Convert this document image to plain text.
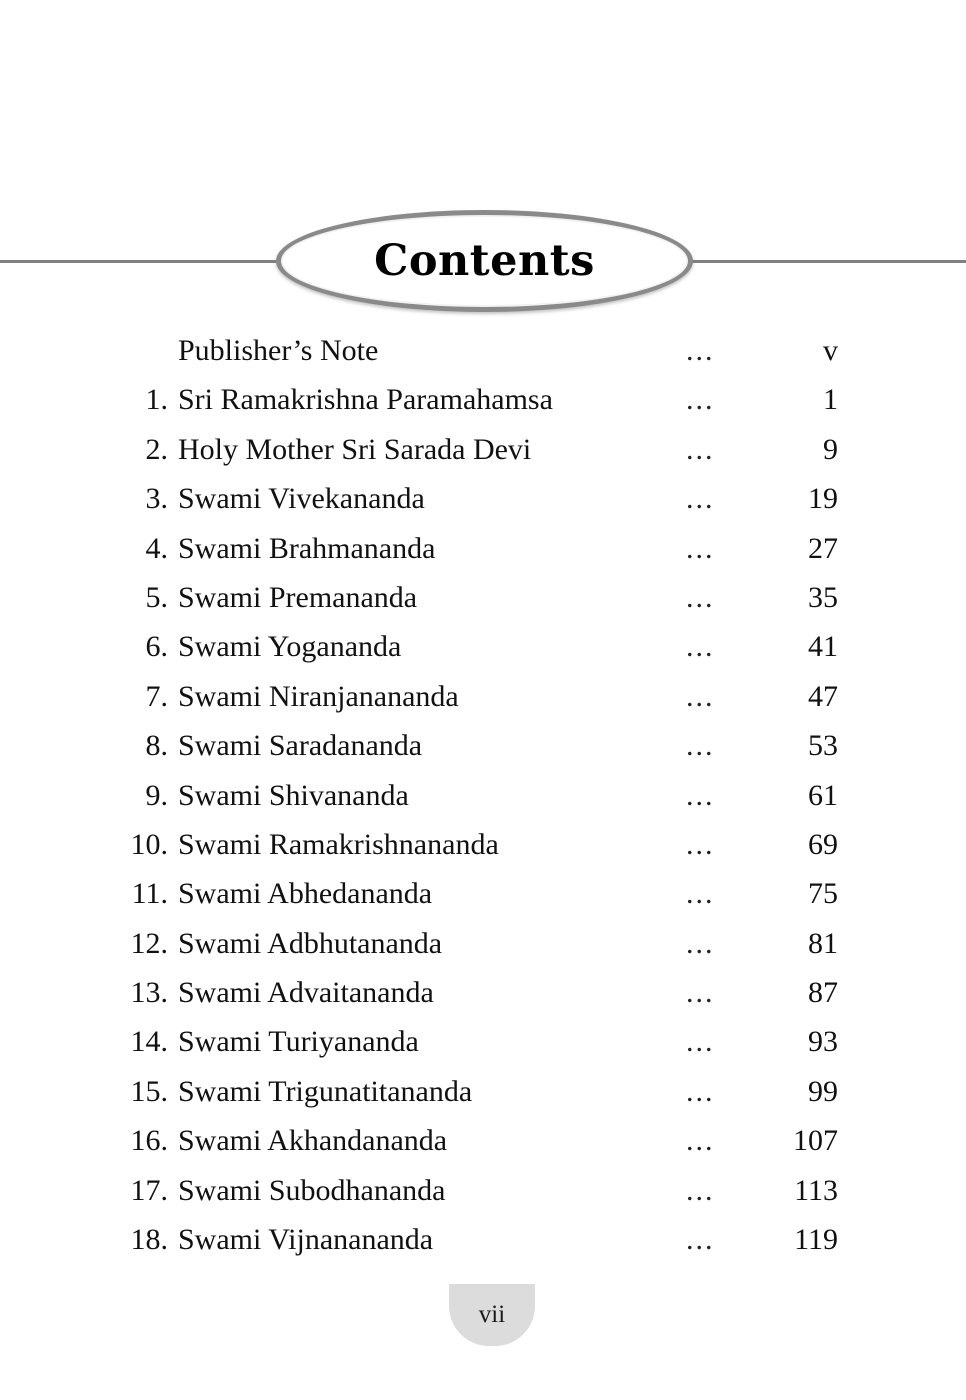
Contents
Publisher’s Note	...	v
1. Sri Ramakrishna Paramahamsa	...	1
2. Holy Mother Sri Sarada Devi	...	9
3. Swami Vivekananda	...	19
4. Swami Brahmananda	...	27
5. Swami Premananda	...	35
6. Swami Yogananda	...	41
7. Swami Niranjanananda	...	47
8. Swami Saradananda	...	53
9. Swami Shivananda	...	61
10. Swami Ramakrishnananda	...	69
11. Swami Abhedananda	...	75
12. Swami Adbhutananda	...	81
13. Swami Advaitananda	...	87
14. Swami Turiyananda	...	93
15. Swami Trigunatitananda	...	99
16. Swami Akhandananda	...	107
17. Swami Subodhananda	...	113
18. Swami Vijnanananda	...	119
vii
